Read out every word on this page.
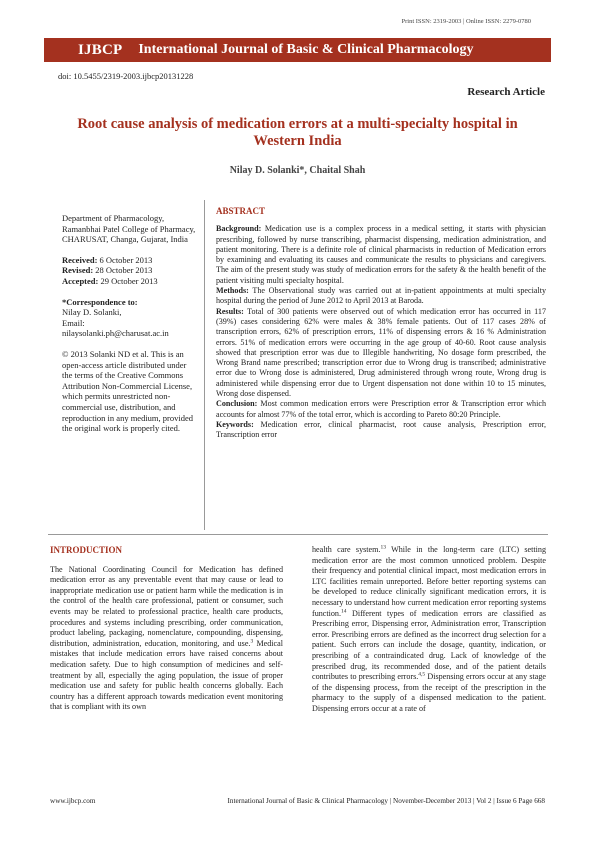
Print ISSN: 2319-2003 | Online ISSN: 2279-0780
IJBCP	International Journal of Basic & Clinical Pharmacology
doi: 10.5455/2319-2003.ijbcp20131228
Research Article
Root cause analysis of medication errors at a multi-specialty hospital in Western India
Nilay D. Solanki*, Chaital Shah

Department of Pharmacology, Ramanbhai Patel College of Pharmacy, CHARUSAT, Changa, Gujarat, India

Received: 6 October 2013
Revised: 28 October 2013
Accepted: 29 October 2013

*Correspondence to:
Nilay D. Solanki,
Email:
nilaysolanki.ph@charusat.ac.in

© 2013 Solanki ND et al. This is an open-access article distributed under the terms of the Creative Commons Attribution Non-Commercial License, which permits unrestricted non-commercial use, distribution, and reproduction in any medium, provided the original work is properly cited.

ABSTRACT

Background: Medication use is a complex process in a medical setting, it starts with physician prescribing, followed by nurse transcribing, pharmacist dispensing, medication administration, and patient monitoring. There is a definite role of clinical pharmacists in reduction of Medication errors by examining and evaluating its causes and communicate the results to physicians and caregivers. The aim of the present study was study of medication errors for the safety & the health benefit of the patient visiting multi specialty hospital.

Methods: The Observational study was carried out at in-patient appointments at multi specialty hospital during the period of June 2012 to April 2013 at Baroda.

Results: Total of 300 patients were observed out of which medication error has occurred in 117 (39%) cases considering 62% were males & 38% female patients. Out of 117 cases 28% of transcription errors, 62% of prescription errors, 11% of dispensing errors & 16 % Administration errors. 51% of medication errors were occurring in the age group of 40-60. Root cause analysis showed that prescription error was due to Illegible handwriting, No dosage form prescribed, the Wrong Brand name prescribed; transcription error due to Wrong drug is transcribed; administrative error due to Wrong dose is administered, Drug administered through wrong route, Wrong drug is administered while dispensing error due to Urgent dispensation not done within 10 to 15 minutes, Wrong dose dispensed.

Conclusion: Most common medication errors were Prescription error & Transcription error which accounts for almost 77% of the total error, which is according to Pareto 80:20 Principle.

Keywords: Medication error, clinical pharmacist, root cause analysis, Prescription error, Transcription error

INTRODUCTION

The National Coordinating Council for Medication has defined medication error as any preventable event that may cause or lead to inappropriate medication use or patient harm while the medication is in the control of the health care professional, patient or consumer, such events may be related to professional practice, health care products, procedures and systems including prescribing, order communication, product labeling, packaging, nomenclature, compounding, dispensing, distribution, administration, education, monitoring, and use.$^3$ Medical mistakes that include medication errors have raised concerns about medication safety. Due to high consumption of medicines and self-treatment by all, especially the aging population, the issue of proper medication use and safety for public health concerns globally. Each country has a different approach towards medication event monitoring that is compliant with its own

health care system.$^{13}$ While in the long-term care (LTC) setting medication error are the most common unnoticed problem. Despite their frequency and potential clinical impact, most medication errors in LTC facilities remain unreported. Before better reporting systems can be developed to reduce clinically significant medication errors, it is necessary to understand how current medication error reporting systems function.$^{14}$ Different types of medication errors are classified as Prescribing error, Dispensing error, Administration error, Transcription error. Prescribing errors are defined as the incorrect drug selection for a patient. Such errors can include the dosage, quantity, indication, or prescribing of a contraindicated drug. Lack of knowledge of the prescribed drug, its recommended dose, and of the patient details contributes to prescribing errors.$^{4,5}$ Dispensing errors occur at any stage of the dispensing process, from the receipt of the prescription in the pharmacy to the supply of a dispensed medication to the patient. Dispensing errors occur at a rate of

www.ijbcp.com	International Journal of Basic & Clinical Pharmacology | November-December 2013 | Vol 2 | Issue 6 Page 668
